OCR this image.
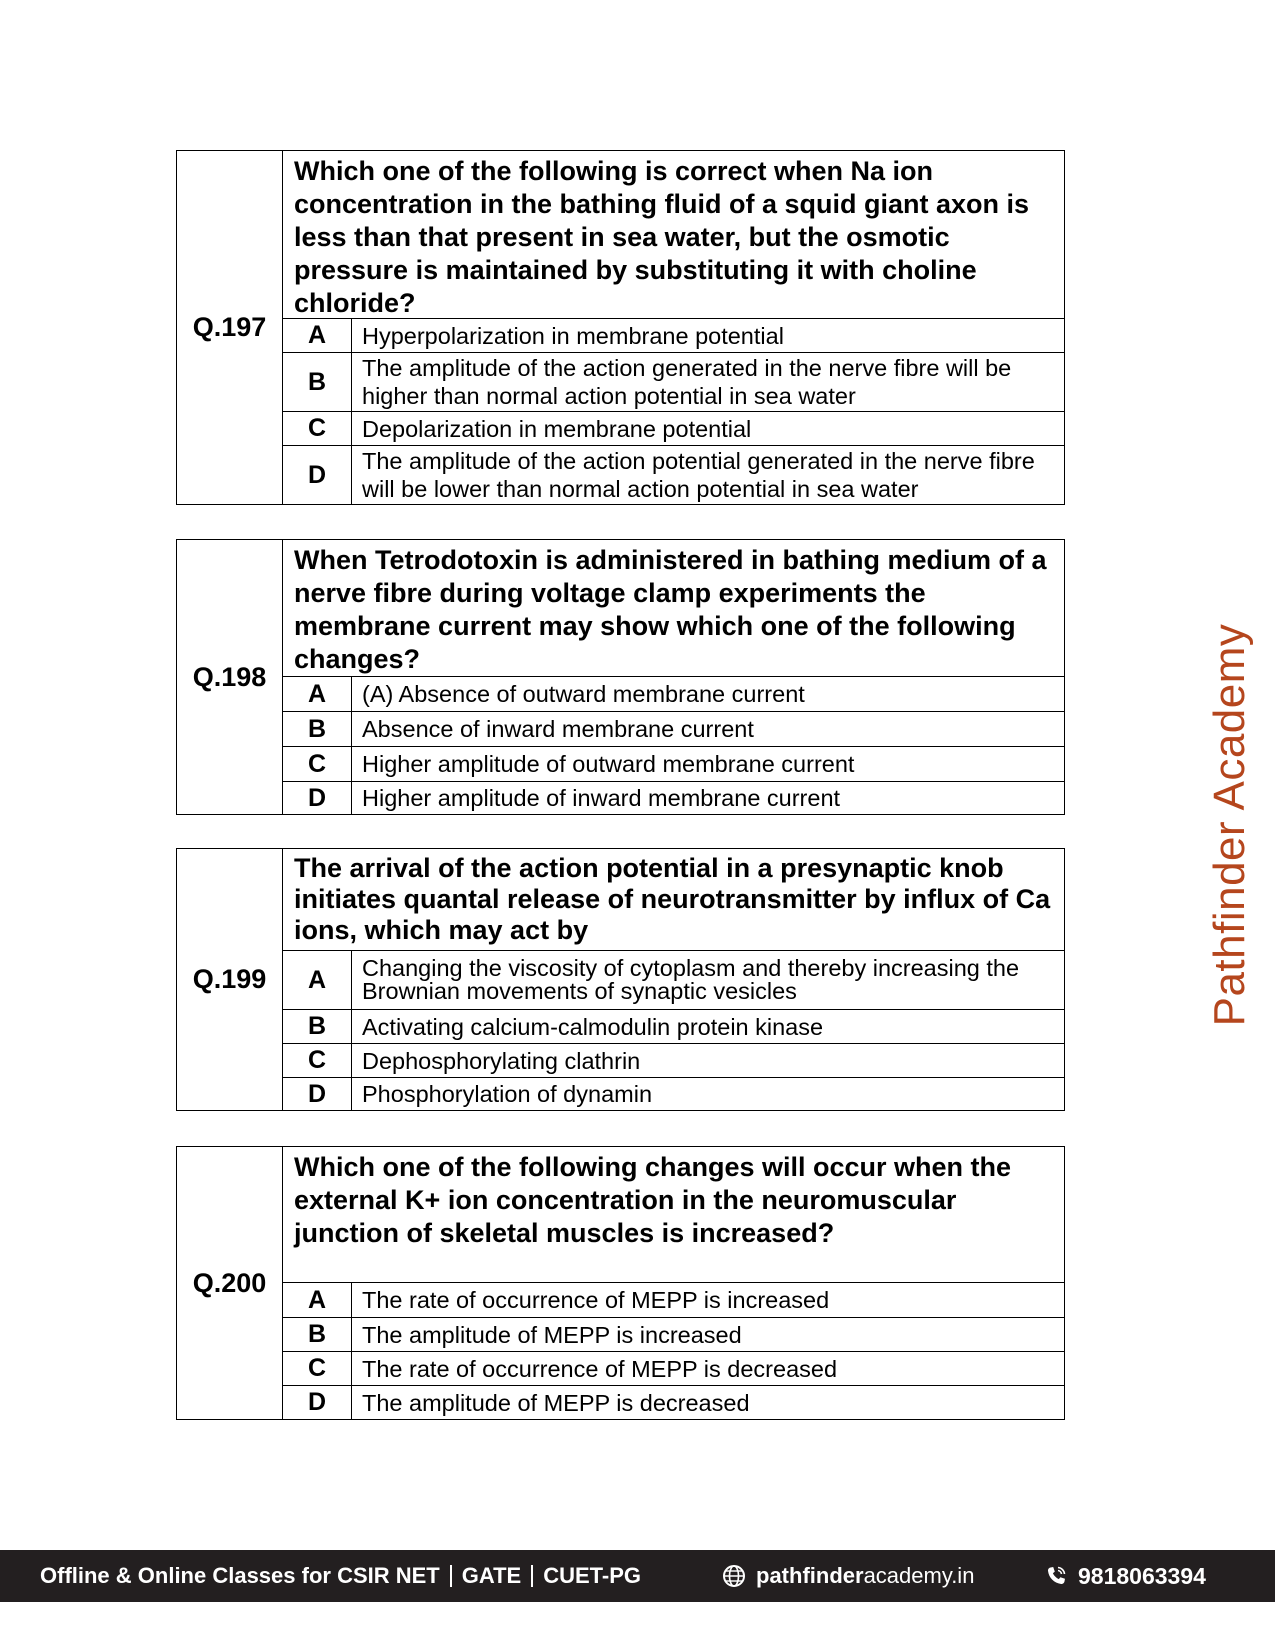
Q.197
Which one of the following is correct when Na ion concentration in the bathing fluid of a squid giant axon is less than that present in sea water, but the osmotic pressure is maintained by substituting it with choline chloride?
A	Hyperpolarization in membrane potential
B	The amplitude of the action generated in the nerve fibre will be higher than normal action potential in sea water
C	Depolarization in membrane potential
D	The amplitude of the action potential generated in the nerve fibre will be lower than normal action potential in sea water
Q.198
When Tetrodotoxin is administered in bathing medium of a nerve fibre during voltage clamp experiments the membrane current may show which one of the following changes?
A	(A) Absence of outward membrane current
B	Absence of inward membrane current
C	Higher amplitude of outward membrane current
D	Higher amplitude of inward membrane current
Q.199
The arrival of the action potential in a presynaptic knob initiates quantal release of neurotransmitter by influx of Ca ions, which may act by
A	Changing the viscosity of cytoplasm and thereby increasing the Brownian movements of synaptic vesicles
B	Activating calcium-calmodulin protein kinase
C	Dephosphorylating clathrin
D	Phosphorylation of dynamin
Q.200
Which one of the following changes will occur when the external K+ ion concentration in the neuromuscular junction of skeletal muscles is increased?
A	The rate of occurrence of MEPP is increased
B	The amplitude of MEPP is increased
C	The rate of occurrence of MEPP is decreased
D	The amplitude of MEPP is decreased
Pathfinder Academy
Offline & Online Classes for CSIR NET GATE CUET-PG	pathfinder academy.in	9818063394
